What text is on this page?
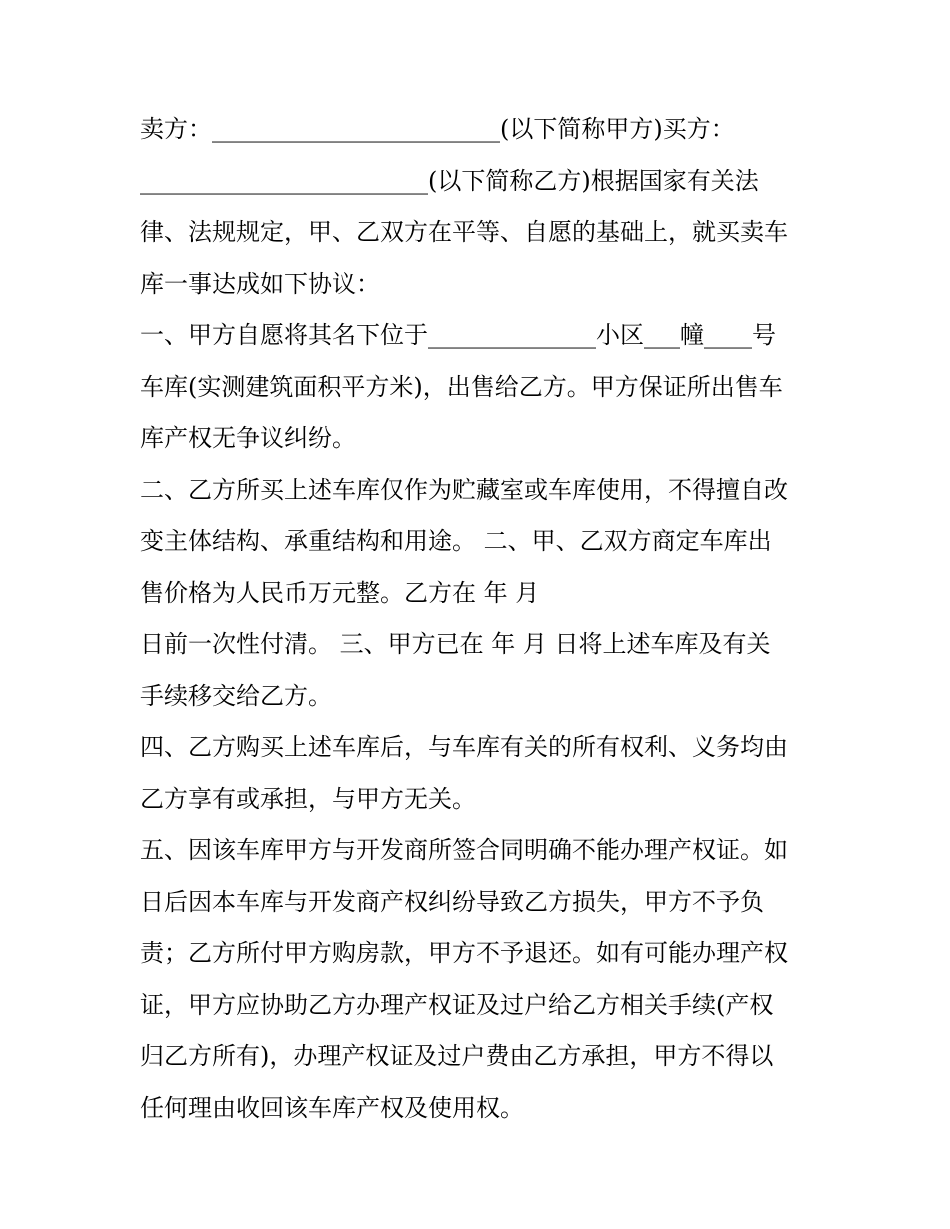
卖方：________________________(以下简称甲方)买方：
________________________(以下简称乙方)根据国家有关法
律、法规规定，甲、乙双方在平等、自愿的基础上，就买卖车
库一事达成如下协议：
一、甲方自愿将其名下位于______________小区___幢____号
车库(实测建筑面积平方米)，出售给乙方。甲方保证所出售车
库产权无争议纠纷。
二、乙方所买上述车库仅作为贮藏室或车库使用，不得擅自改
变主体结构、承重结构和用途。 二、甲、乙双方商定车库出
售价格为人民币万元整。乙方在 年 月
日前一次性付清。 三、甲方已在 年 月 日将上述车库及有关
手续移交给乙方。
四、乙方购买上述车库后，与车库有关的所有权利、义务均由
乙方享有或承担，与甲方无关。
五、因该车库甲方与开发商所签合同明确不能办理产权证。如
日后因本车库与开发商产权纠纷导致乙方损失，甲方不予负
责；乙方所付甲方购房款，甲方不予退还。如有可能办理产权
证，甲方应协助乙方办理产权证及过户给乙方相关手续(产权
归乙方所有)，办理产权证及过户费由乙方承担，甲方不得以
任何理由收回该车库产权及使用权。
